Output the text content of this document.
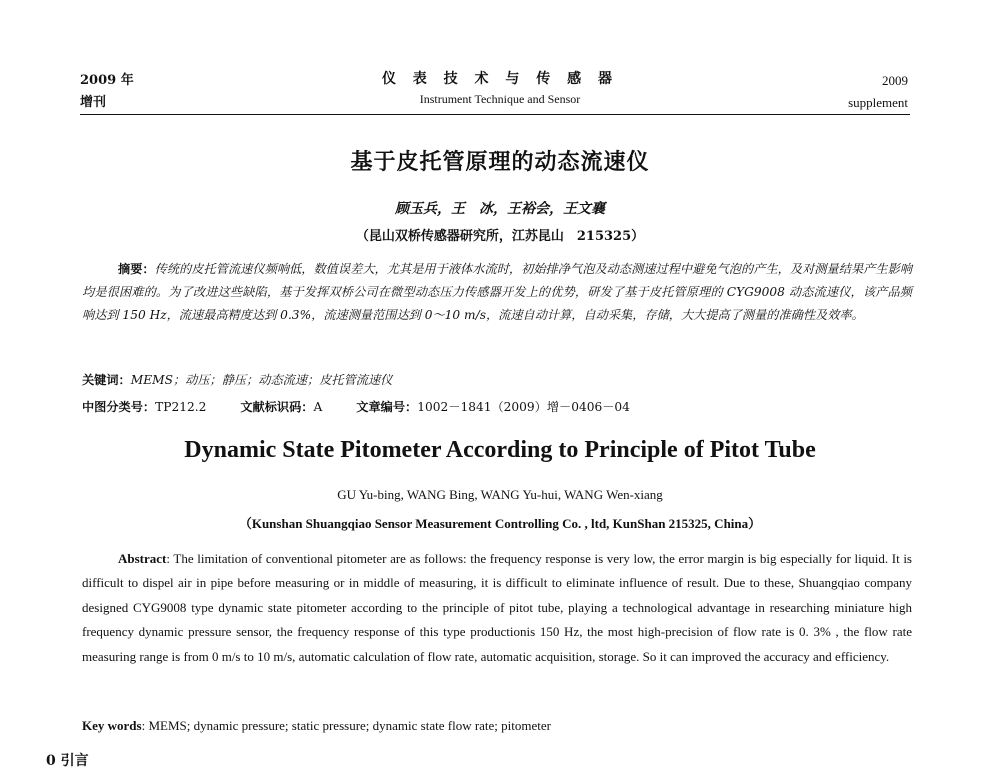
2009 年
增刊
仪 表 技 术 与 传 感 器
Instrument Technique and Sensor
2009
supplement
基于皮托管原理的动态流速仪
顾玉兵，王　冰，王裕会，王文襄
（昆山双桥传感器研究所，江苏昆山　215325）
摘要：传统的皮托管流速仪频响低，数值误差大，尤其是用于液体水流时，初始排净气泡及动态测速过程中避免气泡的产生，及对测量结果产生影响均是很困难的。为了改进这些缺陷，基于发挥双桥公司在微型动态压力传感器开发上的优势，研发了基于皮托管原理的 CYG9008 动态流速仪，该产品频响达到 150 Hz，流速最高精度达到 0.3%，流速测量范围达到 0～10 m/s，流速自动计算，自动采集，存储，大大提高了测量的准确性及效率。
关键词：MEMS；动压；静压；动态流速；皮托管流速仪
中图分类号：TP212.2	文献标识码：A	文章编号：1002－1841（2009）增－0406－04
Dynamic State Pitometer According to Principle of Pitot Tube
GU Yu-bing, WANG Bing, WANG Yu-hui, WANG Wen-xiang
（Kunshan Shuangqiao Sensor Measurement Controlling Co. , ltd, KunShan 215325, China）
Abstract: The limitation of conventional pitometer are as follows: the frequency response is very low, the error margin is big especially for liquid. It is difficult to dispel air in pipe before measuring or in middle of measuring, it is difficult to eliminate influence of result. Due to these, Shuangqiao company designed CYG9008 type dynamic state pitometer according to the principle of pitot tube, playing a technological advantage in researching miniature high frequency dynamic pressure sensor, the frequency response of this type productionis 150 Hz, the most high-precision of flow rate is 0. 3% , the flow rate measuring range is from 0 m/s to 10 m/s, automatic calculation of flow rate, automatic acquisition, storage. So it can improved the accuracy and efficiency.
Key words: MEMS; dynamic pressure; static pressure; dynamic state flow rate; pitometer
0 引言
